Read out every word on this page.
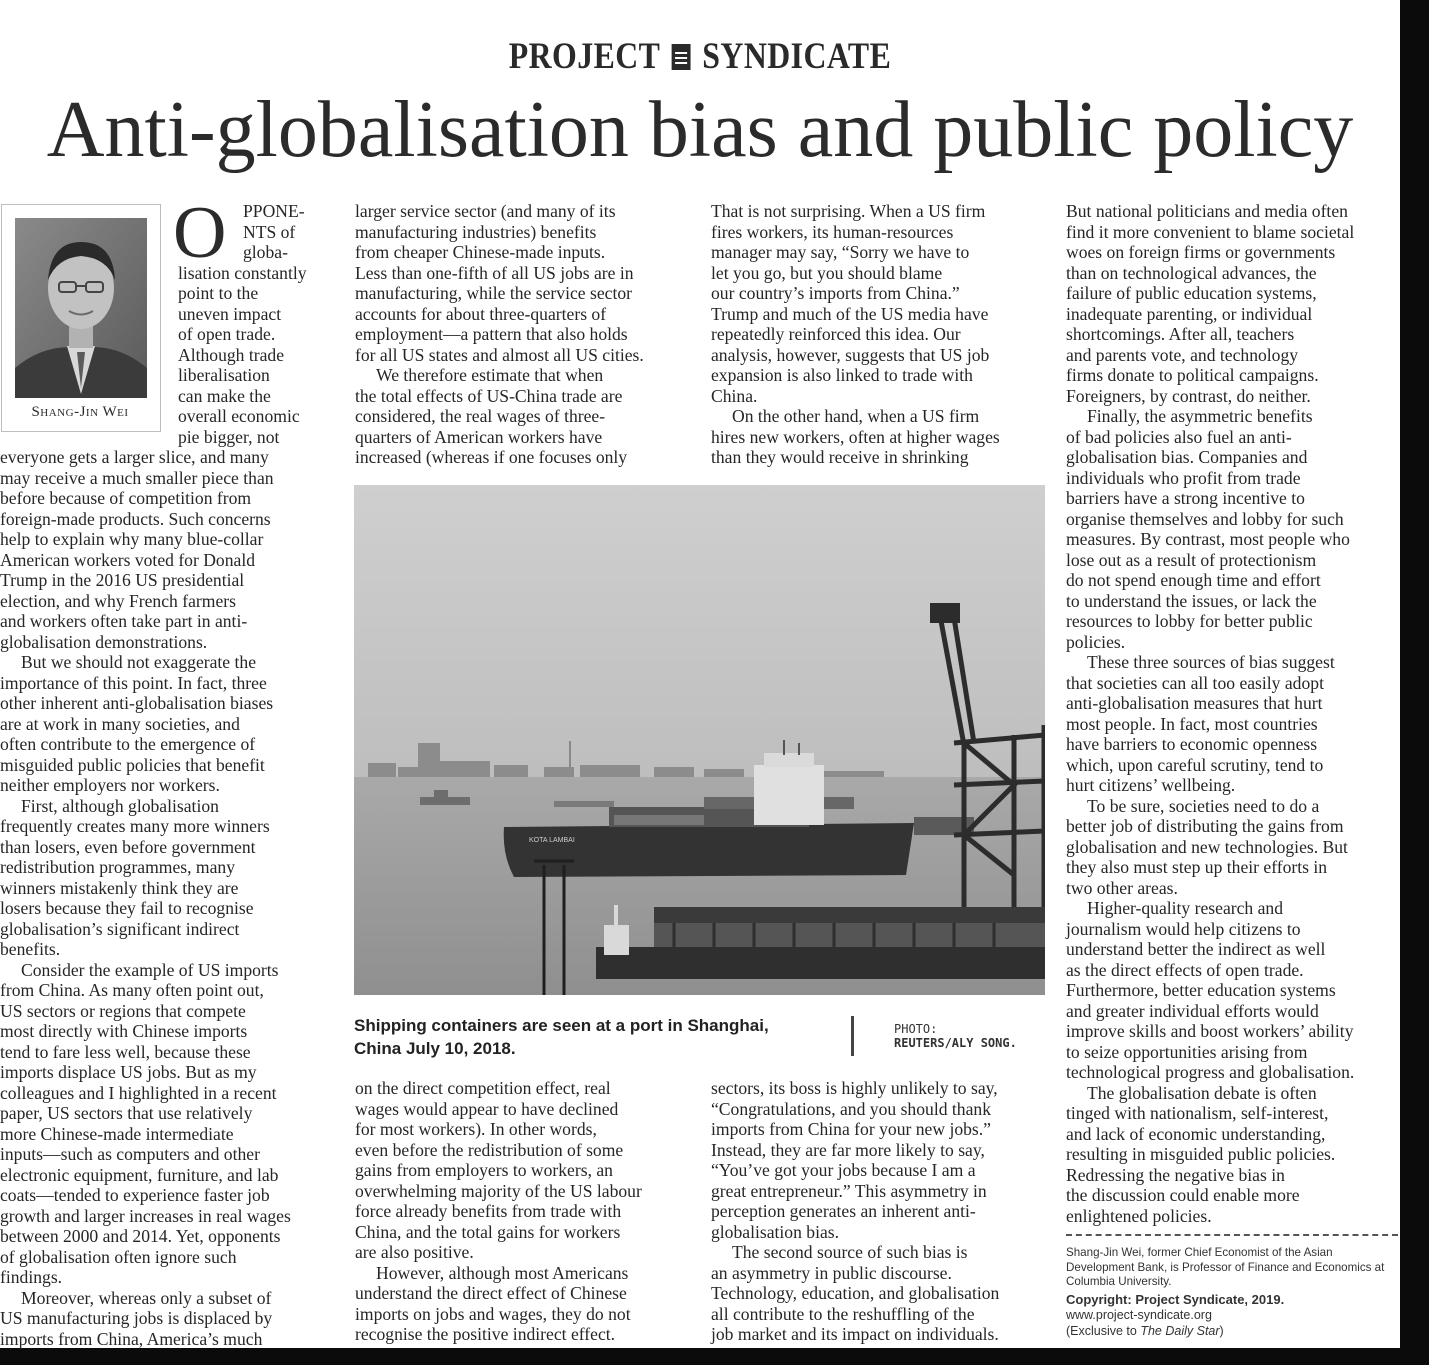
PROJECT SYNDICATE
Anti-globalisation bias and public policy
Shang-Jin Wei
O PPONE-

NTS of

globa-

lisation constantly

point to the

uneven impact

of open trade.

Although trade

liberalisation

can make the

overall economic

pie bigger, not

everyone gets a larger slice, and many

may receive a much smaller piece than

before because of competition from

foreign-made products. Such concerns

help to explain why many blue-collar

American workers voted for Donald

Trump in the 2016 US presidential

election, and why French farmers

and workers often take part in anti-

globalisation demonstrations.

But we should not exaggerate the

importance of this point. In fact, three

other inherent anti-globalisation biases

are at work in many societies, and

often contribute to the emergence of

misguided public policies that benefit

neither employers nor workers.

First, although globalisation

frequently creates many more winners

than losers, even before government

redistribution programmes, many

winners mistakenly think they are

losers because they fail to recognise

globalisation’s significant indirect

benefits.

Consider the example of US imports

from China. As many often point out,

US sectors or regions that compete

most directly with Chinese imports

tend to fare less well, because these

imports displace US jobs. But as my

colleagues and I highlighted in a recent

paper, US sectors that use relatively

more Chinese-made intermediate

inputs—such as computers and other

electronic equipment, furniture, and lab

coats—tended to experience faster job

growth and larger increases in real wages

between 2000 and 2014. Yet, opponents

of globalisation often ignore such

findings.

Moreover, whereas only a subset of

US manufacturing jobs is displaced by

imports from China, America’s much

larger service sector (and many of its

manufacturing industries) benefits

from cheaper Chinese-made inputs.

Less than one-fifth of all US jobs are in

manufacturing, while the service sector

accounts for about three-quarters of

employment—a pattern that also holds

for all US states and almost all US cities.

We therefore estimate that when

the total effects of US-China trade are

considered, the real wages of three-

quarters of American workers have

increased (whereas if one focuses only

That is not surprising. When a US firm

fires workers, its human-resources

manager may say, “Sorry we have to

let you go, but you should blame

our country’s imports from China.”

Trump and much of the US media have

repeatedly reinforced this idea. Our

analysis, however, suggests that US job

expansion is also linked to trade with

China.

On the other hand, when a US firm

hires new workers, often at higher wages

than they would receive in shrinking

on the direct competition effect, real

wages would appear to have declined

for most workers). In other words,

even before the redistribution of some

gains from employers to workers, an

overwhelming majority of the US labour

force already benefits from trade with

China, and the total gains for workers

are also positive.

However, although most Americans

understand the direct effect of Chinese

imports on jobs and wages, they do not

recognise the positive indirect effect.

sectors, its boss is highly unlikely to say,

“Congratulations, and you should thank

imports from China for your new jobs.”

Instead, they are far more likely to say,

“You’ve got your jobs because I am a

great entrepreneur.” This asymmetry in

perception generates an inherent anti-

globalisation bias.

The second source of such bias is

an asymmetry in public discourse.

Technology, education, and globalisation

all contribute to the reshuffling of the

job market and its impact on individuals.

But national politicians and media often

find it more convenient to blame societal

woes on foreign firms or governments

than on technological advances, the

failure of public education systems,

inadequate parenting, or individual

shortcomings. After all, teachers

and parents vote, and technology

firms donate to political campaigns.

Foreigners, by contrast, do neither.

Finally, the asymmetric benefits

of bad policies also fuel an anti-

globalisation bias. Companies and

individuals who profit from trade

barriers have a strong incentive to

organise themselves and lobby for such

measures. By contrast, most people who

lose out as a result of protectionism

do not spend enough time and effort

to understand the issues, or lack the

resources to lobby for better public

policies.

These three sources of bias suggest

that societies can all too easily adopt

anti-globalisation measures that hurt

most people. In fact, most countries

have barriers to economic openness

which, upon careful scrutiny, tend to

hurt citizens’ wellbeing.

To be sure, societies need to do a

better job of distributing the gains from

globalisation and new technologies. But

they also must step up their efforts in

two other areas.

Higher-quality research and

journalism would help citizens to

understand better the indirect as well

as the direct effects of open trade.

Furthermore, better education systems

and greater individual efforts would

improve skills and boost workers’ ability

to seize opportunities arising from

technological progress and globalisation.

The globalisation debate is often

tinged with nationalism, self-interest,

and lack of economic understanding,

resulting in misguided public policies.

Redressing the negative bias in

the discussion could enable more

enlightened policies.

KOTA LAMBAI
Shipping containers are seen at a port in Shanghai, China July 10, 2018.
PHOTO:
REUTERS/ALY SONG.

Shang-Jin Wei, former Chief Economist of the Asian Development Bank, is Professor of Finance and Economics at Columbia University.

Copyright: Project Syndicate, 2019.

www.project-syndicate.org

(Exclusive to The Daily Star)
